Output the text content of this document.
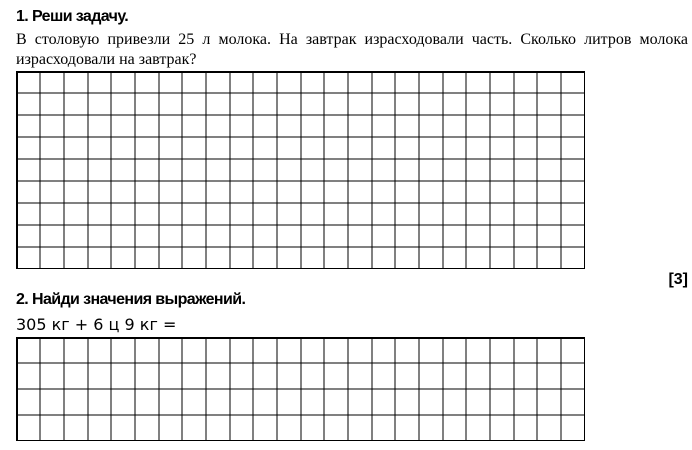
1. Реши задачу.
В столовую привезли 25 л молока. На завтрак израсходовали часть. Сколько литров молока израсходовали на завтрак?
[3]
2. Найди значения выражений.
305 кг + 6 ц 9 кг =
